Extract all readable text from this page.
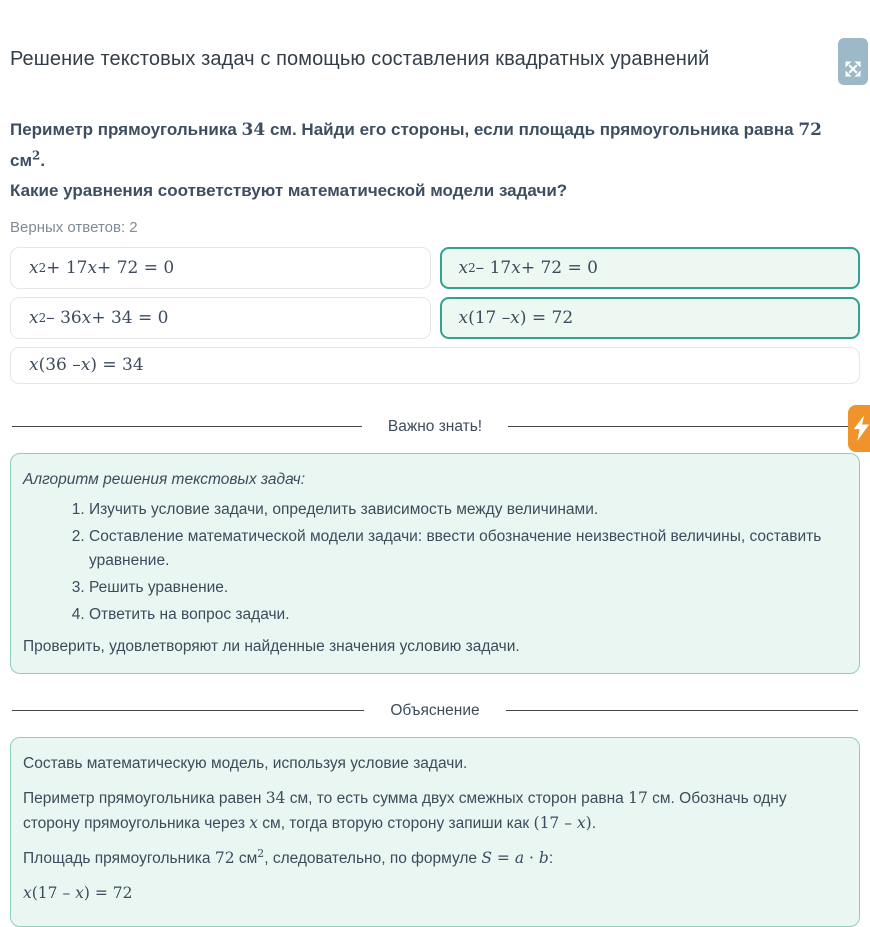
Решение текстовых задач с помощью составления квадратных уравнений
Периметр прямоугольника 34 см. Найди его стороны, если площадь прямоугольника равна 72 $см^2$.
Какие уравнения соответствуют математической модели задачи?
Верных ответов: 2
x 2 + 17 x + 72 = 0	x 2 – 17 x + 72 = 0
x 2 – 36 x + 34 = 0	x (17 – x ) = 72
x (36 – x ) = 34
Важно знать!
Алгоритм решения текстовых задач:
1. Изучить условие задачи, определить зависимость между величинами.
2. Составление математической модели задачи: ввести обозначение неизвестной величины, составить уравнение.
3. Решить уравнение.
4. Ответить на вопрос задачи.
Проверить, удовлетворяют ли найденные значения условию задачи.
Объяснение

Составь математическую модель, используя условие задачи.

Периметр прямоугольника равен 34 см, то есть сумма двух смежных сторон равна 17 см. Обозначь одну сторону прямоугольника через x см, тогда вторую сторону запиши как (17 – x).

Площадь прямоугольника 72 $см^2$, следовательно, по формуле S = a · b:

x(17 – x) = 72
